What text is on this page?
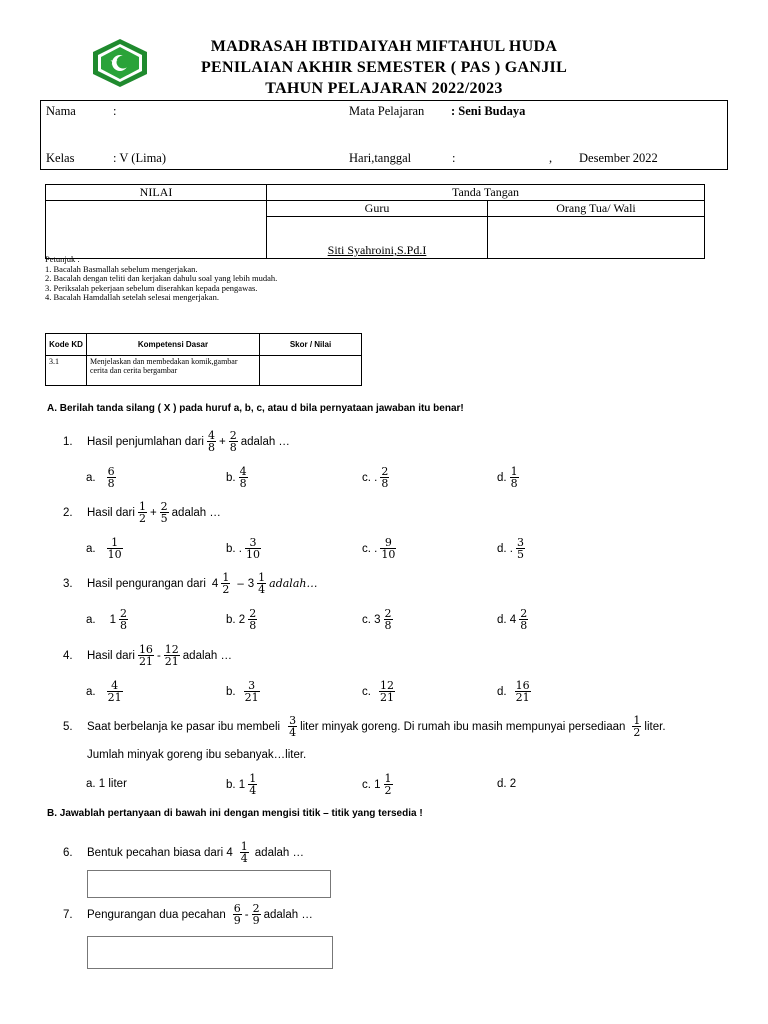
MADRASAH IBTIDAIYAH MIFTAHUL HUDA
PENILAIAN AKHIR SEMESTER ( PAS ) GANJIL
TAHUN PELAJARAN 2022/2023
Nama	:	Mata Pelajaran : Seni Budaya
Kelas	: V (Lima)	Hari,tanggal	:	, Desember 2022
NILAI	Tanda Tangan	
	Guru	Orang Tua/ Wali
	Siti Syahroini,S.Pd.I	
Petunjuk :
1. Bacalah Basmallah sebelum mengerjakan.
2. Bacalah dengan teliti dan kerjakan dahulu soal yang lebih mudah.
3. Periksalah pekerjaan sebelum diserahkan kepada pengawas.
4. Bacalah Hamdallah setelah selesai mengerjakan.
Kode KD	Kompetensi Dasar	Skor / Nilai
3.1	Menjelaskan dan membedakan komik,gambar cerita dan cerita bergambar	
A. Berilah tanda silang ( X ) pada huruf a, b, c, atau d bila pernyataan jawaban itu benar!
1.	Hasil penjumlahan dari $\frac{4}{8} + \frac{2}{8}$ adalah …
a. $\frac{6}{8}$	b. $\frac{4}{8}$	c. . $\frac{2}{8}$	d. $\frac{1}{8}$
2.	Hasil dari $\frac{1}{2} + \frac{2}{5}$ adalah …
a. $\frac{1}{10}$	b. . $\frac{3}{10}$	c. . $\frac{9}{10}$	d. . $\frac{3}{5}$
3.	Hasil pengurangan dari $4 \frac{1}{2} - 3 \frac{1}{4}$ adalah…
a. $1 \frac{2}{8}$	b. $2 \frac{2}{8}$	c. $3 \frac{2}{8}$	d. $4 \frac{2}{8}$
4.	Hasil dari $\frac{16}{21} - \frac{12}{21}$ adalah …
a. $\frac{4}{21}$	b. $\frac{3}{21}$	c. $\frac{12}{21}$	d. $\frac{16}{21}$
5.	Saat berbelanja ke pasar ibu membeli $\frac{3}{4}$ liter minyak goreng. Di rumah ibu masih mempunyai persediaan $\frac{1}{2}$ liter.
Jumlah minyak goreng ibu sebanyak…liter.
a. 1 liter	b. $1 \frac{1}{4}$	c. $1 \frac{1}{2}$	d. 2
B. Jawablah pertanyaan di bawah ini dengan mengisi titik – titik yang tersedia !
6.	Bentuk pecahan biasa dari $4 \frac{1}{4}$ adalah …
7.	Pengurangan dua pecahan $\frac{6}{9} - \frac{2}{9}$ adalah …
